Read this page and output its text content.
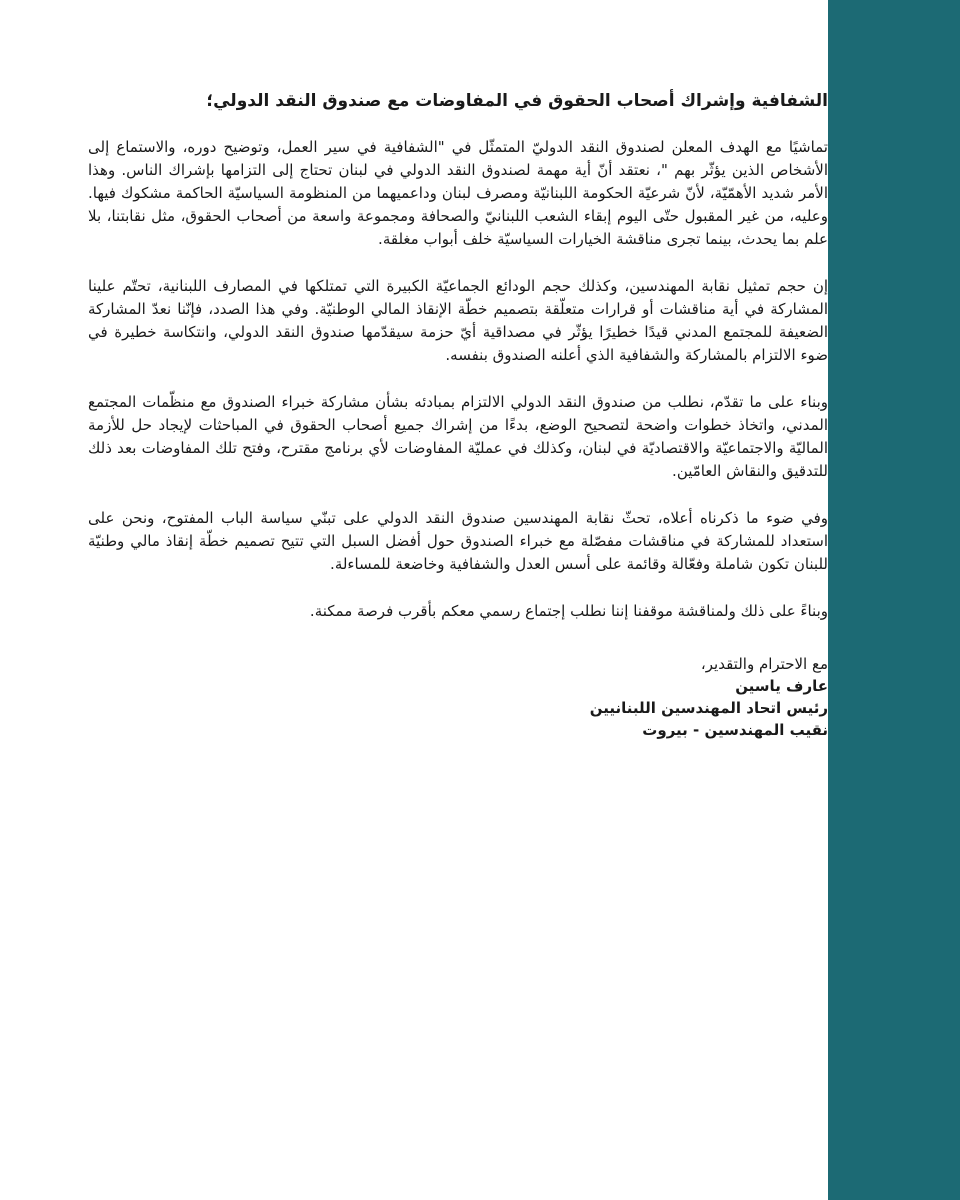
الشفافية وإشراك أصحاب الحقوق في المفاوضات مع صندوق النقد الدولي؛

تماشيًا مع الهدف المعلن لصندوق النقد الدوليّ المتمثّل في "الشفافية في سير العمل، وتوضيح دوره، والاستماع إلى الأشخاص الذين يؤثّر بهم "، نعتقد أنّ أية مهمة لصندوق النقد الدولي في لبنان تحتاج إلى التزامها بإشراك الناس. وهذا الأمر شديد الأهمّيّة، لأنّ شرعيّة الحكومة اللبنانيّة ومصرف لبنان وداعميهما من المنظومة السياسيّة الحاكمة مشكوك فيها. وعليه، من غير المقبول حتّى اليوم إبقاء الشعب اللبنانيّ والصحافة ومجموعة واسعة من أصحاب الحقوق، مثل نقابتنا، بلا علم بما يحدث، بينما تجرى مناقشة الخيارات السياسيّة خلف أبواب مغلقة.

إن حجم تمثيل نقابة المهندسين، وكذلك حجم الودائع الجماعيّة الكبيرة التي تمتلكها في المصارف اللبنانية، تحتّم علينا المشاركة في أية مناقشات أو قرارات متعلّقة بتصميم خطّة الإنقاذ المالي الوطنيّة. وفي هذا الصدد، فإنّنا نعدّ المشاركة الضعيفة للمجتمع المدني قيدًا خطيرًا يؤثّر في مصداقية أيّ حزمة سيقدّمها صندوق النقد الدولي، وانتكاسة خطيرة في ضوء الالتزام بالمشاركة والشفافية الذي أعلنه الصندوق بنفسه.

وبناء على ما تقدّم، نطلب من صندوق النقد الدولي الالتزام بمبادئه بشأن مشاركة خبراء الصندوق مع منظّمات المجتمع المدني، واتخاذ خطوات واضحة لتصحيح الوضع، بدءًا من إشراك جميع أصحاب الحقوق في المباحثات لإيجاد حل للأزمة الماليّة والاجتماعيّة والاقتصاديّة في لبنان، وكذلك في عمليّة المفاوضات لأي برنامج مقترح، وفتح تلك المفاوضات بعد ذلك للتدقيق والنقاش العامّين.

وفي ضوء ما ذكرناه أعلاه، تحثّ نقابة المهندسين صندوق النقد الدولي على تبنّي سياسة الباب المفتوح، ونحن على استعداد للمشاركة في مناقشات مفصّلة مع خبراء الصندوق حول أفضل السبل التي تتيح تصميم خطّة إنقاذ مالي وطنيّة للبنان تكون شاملة وفعّالة وقائمة على أسس العدل والشفافية وخاضعة للمساءلة.

وبناءً على ذلك ولمناقشة موقفنا إننا نطلب إجتماع رسمي معكم بأقرب فرصة ممكنة.

مع الاحترام والتقدير،
عارف ياسين
رئيس اتحاد المهندسين اللبنانيين
نقيب المهندسين - بيروت
